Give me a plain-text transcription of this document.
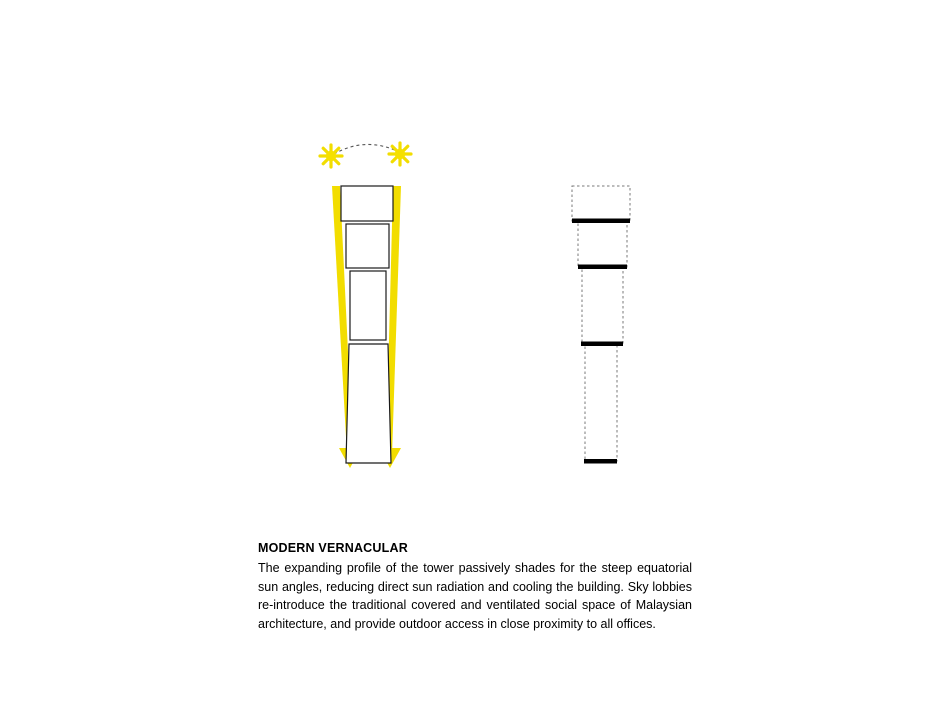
MODERN VERNACULAR

The expanding profile of the tower passively shades for the steep equatorial sun angles, reducing direct sun radiation and cooling the building. Sky lobbies re-introduce the traditional covered and ventilated social space of Malaysian architecture, and provide outdoor access in close proximity to all offices.
